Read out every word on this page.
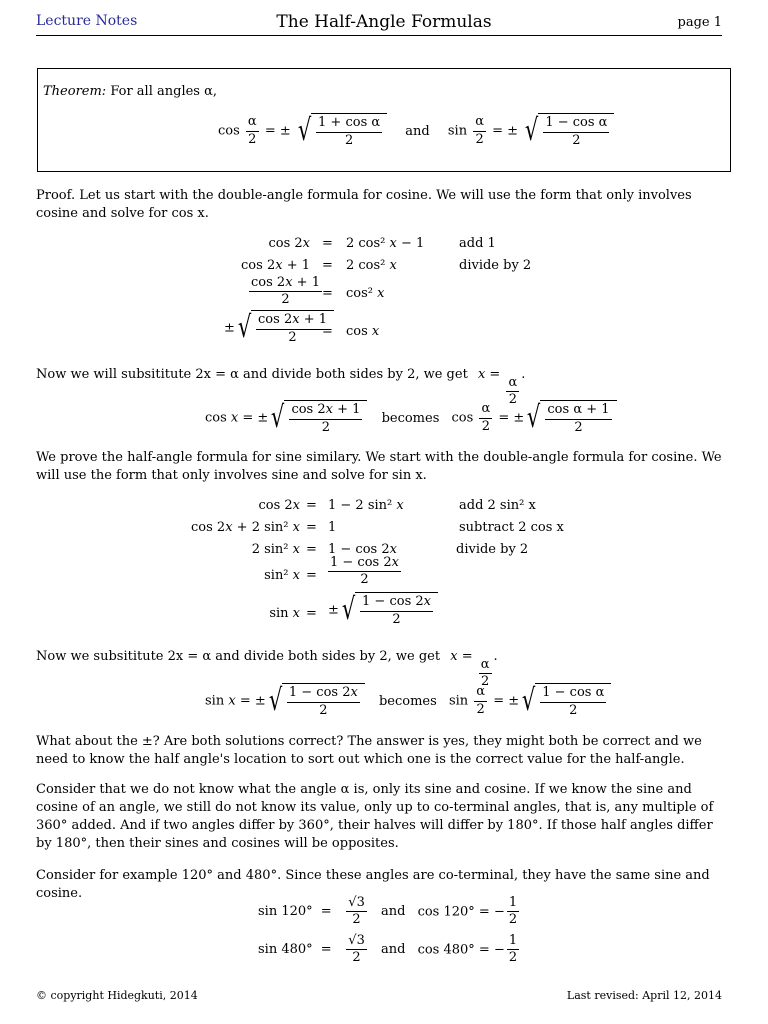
Lecture Notes	The Half-Angle Formulas	page 1
Theorem: For all angles α,
$\cos \frac{\alpha}{2}$ = ± √ $\frac{\text{1 + cos α}}{2}$ and $\sin \frac{\alpha}{2}$ = ± √ $\frac{\text{1 − cos α}}{2}$
Proof. Let us start with the double-angle formula for cosine. We will use the form that only involves cosine and solve for cos x.
cos 2x = 2 cos² x − 1	add 1
cos 2x + 1 = 2 cos² x	divide by 2
$\frac{\cos 2x + 1}{2} = \cos^2$ x
± √ $\frac{\cos 2x + 1}{2}$
= cos x
Now we will subsititute 2x = α and divide both sides by 2, we get x =
$\frac{\alpha}{2}$
.
cos x = ± √ $\frac{\cos 2x + 1}{2}$ becomes $\cos \frac{\alpha}{2}$ = ± √ $\frac{\text{cos α + 1}}{2}$
We prove the half-angle formula for sine similary. We start with the double-angle formula for cosine. We will use the form that only involves sine and solve for sin x.
cos 2x = 1 − 2 sin² x	add 2 sin² x
cos 2x + 2 sin² x = 1	subtract 2 cos x
2 sin² x = 1 − cos 2x	divide by 2
sin² $x = \frac{1 - \cos 2x}{2}$
sin x = ± √ $\frac{1 - \cos 2x}{2}$
Now we subsititute 2x = α and divide both sides by 2, we get x =
$\frac{\alpha}{2}$
.
sin x = ± √ $\frac{1 - \cos 2x}{2}$ becomes $\sin \frac{\alpha}{2}$ = ± √ $\frac{\text{1 − cos α}}{2}$
What about the ±? Are both solutions correct? The answer is yes, they might both be correct and we need to know the half angle's location to sort out which one is the correct value for the half-angle.
Consider that we do not know what the angle α is, only its sine and cosine. If we know the sine and cosine of an angle, we still do not know its value, only up to co-terminal angles, that is, any multiple of 360° added. And if two angles differ by 360°, their halves will differ by 180°. If those half angles differ by 180°, then their sines and cosines will be opposites.
Consider for example 120° and 480°. Since these angles are co-terminal, they have the same sine and cosine.
$\sin 120^\circ = \frac{√3}{2}$ and cos 120° = − $\frac{1}{2}$
$\sin 480^\circ = \frac{√3}{2}$ and cos 480° = − $\frac{1}{2}$
© copyright Hidegkuti, 2014	Last revised: April 12, 2014
